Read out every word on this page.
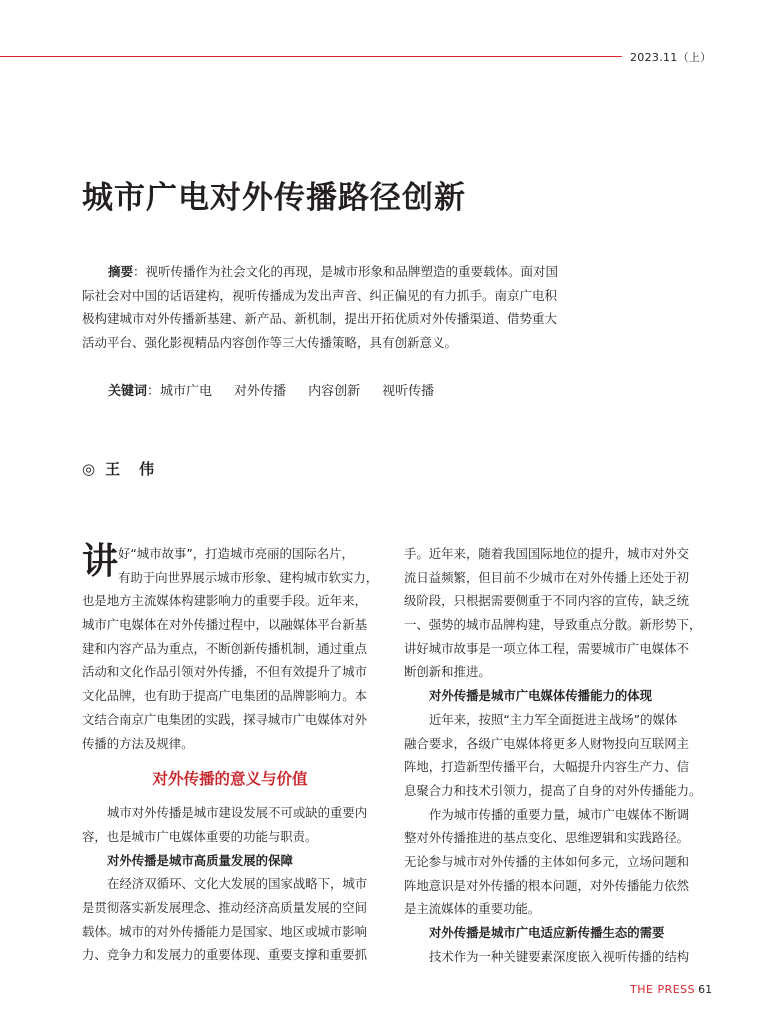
2023.11（上）
城市广电对外传播路径创新
摘要：视听传播作为社会文化的再现，是城市形象和品牌塑造的重要载体。面对国
际社会对中国的话语建构，视听传播成为发出声音、纠正偏见的有力抓手。南京广电积
极构建城市对外传播新基建、新产品、新机制，提出开拓优质对外传播渠道、借势重大
活动平台、强化影视精品内容创作等三大传播策略，具有创新意义。
关键词：城市广电 对外传播 内容创新 视听传播
◎ 王　伟
讲 好“城市故事”，打造城市亮丽的国际名片，
有助于向世界展示城市形象、建构城市软实力，
也是地方主流媒体构建影响力的重要手段。近年来，
城市广电媒体在对外传播过程中，以融媒体平台新基
建和内容产品为重点，不断创新传播机制，通过重点
活动和文化作品引领对外传播，不但有效提升了城市
文化品牌，也有助于提高广电集团的品牌影响力。本
文结合南京广电集团的实践，探寻城市广电媒体对外
传播的方法及规律。
对外传播的意义与价值
城市对外传播是城市建设发展不可或缺的重要内
容，也是城市广电媒体重要的功能与职责。
对外传播是城市高质量发展的保障
在经济双循环、文化大发展的国家战略下，城市
是贯彻落实新发展理念、推动经济高质量发展的空间
载体。城市的对外传播能力是国家、地区或城市影响
力、竞争力和发展力的重要体现、重要支撑和重要抓
手。近年来，随着我国国际地位的提升，城市对外交
流日益频繁，但目前不少城市在对外传播上还处于初
级阶段，只根据需要侧重于不同内容的宣传，缺乏统
一、强势的城市品牌构建，导致重点分散。新形势下，
讲好城市故事是一项立体工程，需要城市广电媒体不
断创新和推进。
对外传播是城市广电媒体传播能力的体现
近年来，按照“主力军全面挺进主战场”的媒体
融合要求，各级广电媒体将更多人财物投向互联网主
阵地，打造新型传播平台，大幅提升内容生产力、信
息聚合力和技术引领力，提高了自身的对外传播能力。
作为城市传播的重要力量，城市广电媒体不断调
整对外传播推进的基点变化、思维逻辑和实践路径。
无论参与城市对外传播的主体如何多元，立场问题和
阵地意识是对外传播的根本问题，对外传播能力依然
是主流媒体的重要功能。
对外传播是城市广电适应新传播生态的需要
技术作为一种关键要素深度嵌入视听传播的结构
THE PRESS 61
